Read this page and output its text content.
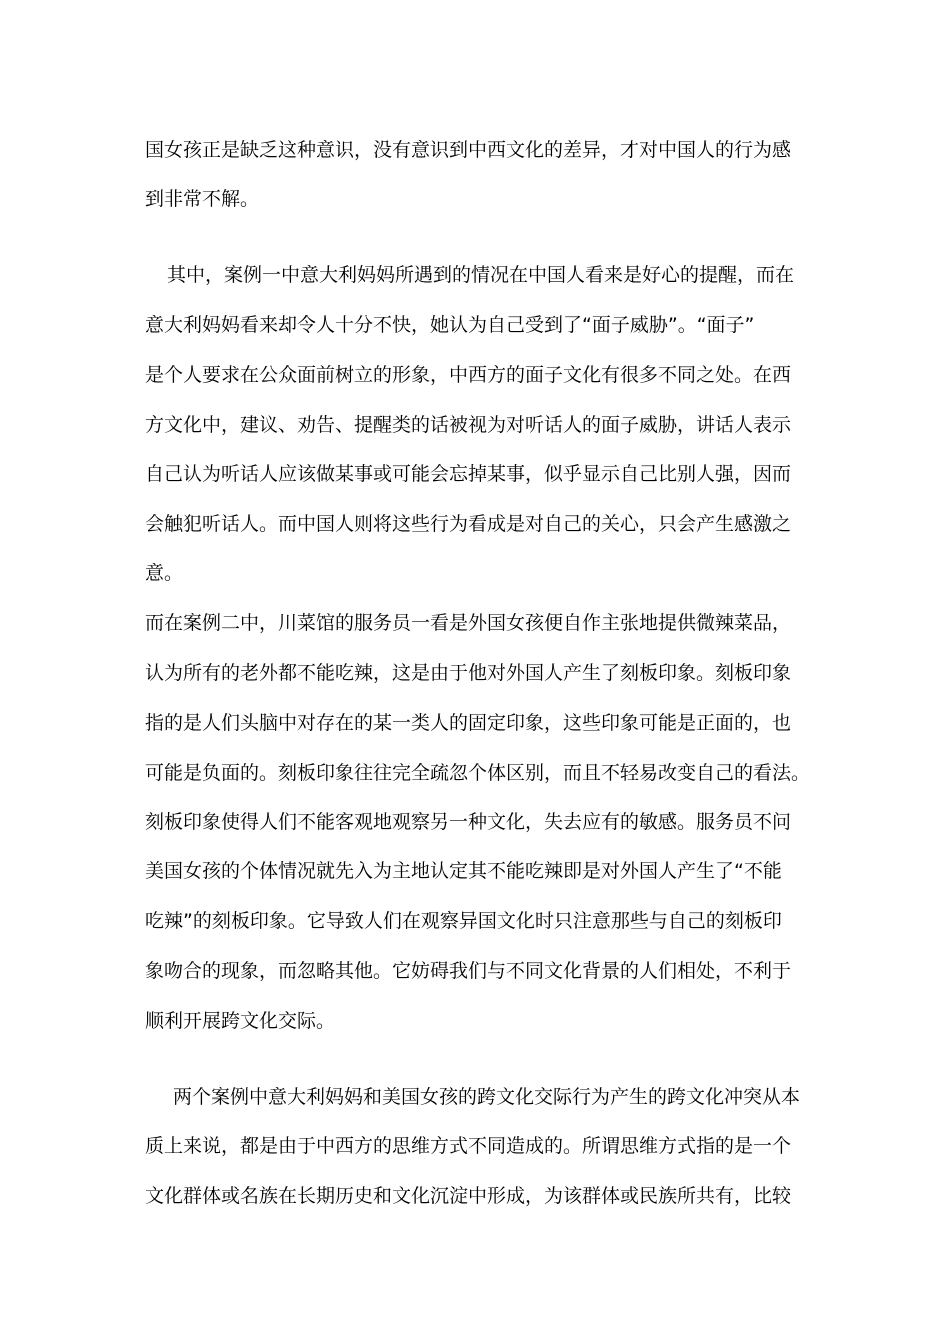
国女孩正是缺乏这种意识，没有意识到中西文化的差异，才对中国人的行为感
到非常不解。
其中，案例一中意大利妈妈所遇到的情况在中国人看来是好心的提醒，而在
意大利妈妈看来却令人十分不快，她认为自己受到了“面子威胁”。“面子”
是个人要求在公众面前树立的形象，中西方的面子文化有很多不同之处。在西
方文化中，建议、劝告、提醒类的话被视为对听话人的面子威胁，讲话人表示
自己认为听话人应该做某事或可能会忘掉某事，似乎显示自己比别人强，因而
会触犯听话人。而中国人则将这些行为看成是对自己的关心，只会产生感激之
意。
而在案例二中，川菜馆的服务员一看是外国女孩便自作主张地提供微辣菜品，
认为所有的老外都不能吃辣，这是由于他对外国人产生了刻板印象。刻板印象
指的是人们头脑中对存在的某一类人的固定印象，这些印象可能是正面的，也
可能是负面的。刻板印象往往完全疏忽个体区别，而且不轻易改变自己的看法。
刻板印象使得人们不能客观地观察另一种文化，失去应有的敏感。服务员不问
美国女孩的个体情况就先入为主地认定其不能吃辣即是对外国人产生了“不能
吃辣”的刻板印象。它导致人们在观察异国文化时只注意那些与自己的刻板印
象吻合的现象，而忽略其他。它妨碍我们与不同文化背景的人们相处，不利于
顺利开展跨文化交际。
两个案例中意大利妈妈和美国女孩的跨文化交际行为产生的跨文化冲突从本
质上来说，都是由于中西方的思维方式不同造成的。所谓思维方式指的是一个
文化群体或名族在长期历史和文化沉淀中形成，为该群体或民族所共有，比较
